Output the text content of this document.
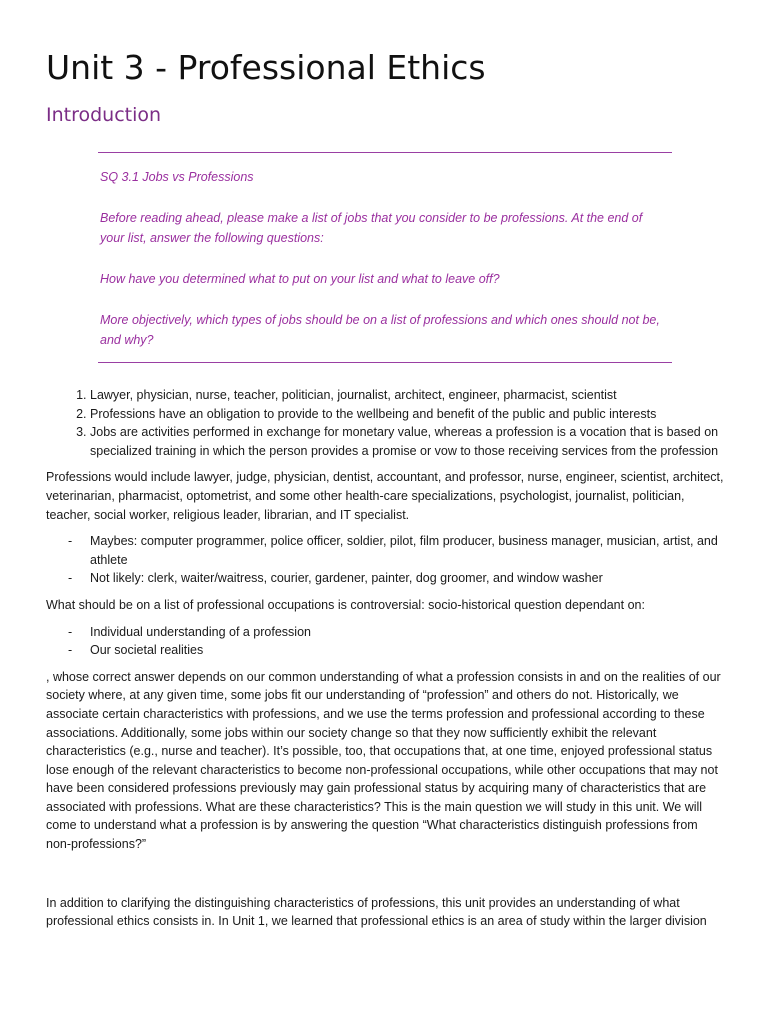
Unit 3 - Professional Ethics
Introduction

SQ 3.1 Jobs vs Professions

Before reading ahead, please make a list of jobs that you consider to be professions. At the end of your list, answer the following questions:

How have you determined what to put on your list and what to leave off?

More objectively, which types of jobs should be on a list of professions and which ones should not be, and why?

1. Lawyer, physician, nurse, teacher, politician, journalist, architect, engineer, pharmacist, scientist
2. Professions have an obligation to provide to the wellbeing and benefit of the public and public interests
3. Jobs are activities performed in exchange for monetary value, whereas a profession is a vocation that is based on specialized training in which the person provides a promise or vow to those receiving services from the profession

Professions would include lawyer, judge, physician, dentist, accountant, and professor, nurse, engineer, scientist, architect, veterinarian, pharmacist, optometrist, and some other health-care specializations, psychologist, journalist, politician, teacher, social worker, religious leader, librarian, and IT specialist.

- Maybes: computer programmer, police officer, soldier, pilot, film producer, business manager, musician, artist, and athlete
- Not likely: clerk, waiter/waitress, courier, gardener, painter, dog groomer, and window washer

What should be on a list of professional occupations is controversial: socio-historical question dependant on:

- Individual understanding of a profession
- Our societal realities

, whose correct answer depends on our common understanding of what a profession consists in and on the realities of our society where, at any given time, some jobs fit our understanding of “profession” and others do not. Historically, we associate certain characteristics with professions, and we use the terms profession and professional according to these associations. Additionally, some jobs within our society change so that they now sufficiently exhibit the relevant characteristics (e.g., nurse and teacher). It’s possible, too, that occupations that, at one time, enjoyed professional status lose enough of the relevant characteristics to become non-professional occupations, while other occupations that may not have been considered professions previously may gain professional status by acquiring many of characteristics that are associated with professions. What are these characteristics? This is the main question we will study in this unit. We will come to understand what a profession is by answering the question “What characteristics distinguish professions from non-professions?”

In addition to clarifying the distinguishing characteristics of professions, this unit provides an understanding of what professional ethics consists in. In Unit 1, we learned that professional ethics is an area of study within the larger division
